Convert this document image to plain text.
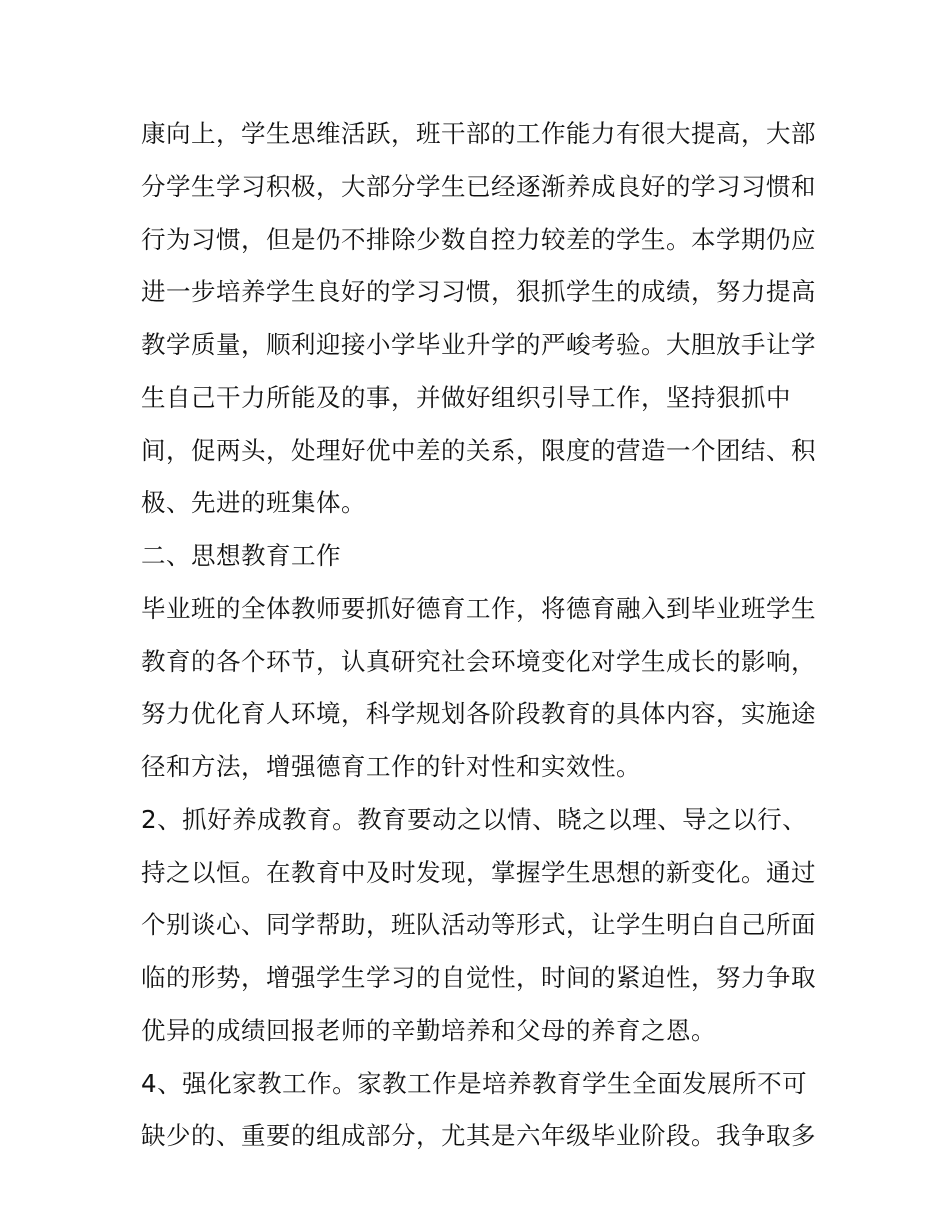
康向上，学生思维活跃，班干部的工作能力有很大提高，大部
分学生学习积极，大部分学生已经逐渐养成良好的学习习惯和
行为习惯，但是仍不排除少数自控力较差的学生。本学期仍应
进一步培养学生良好的学习习惯，狠抓学生的成绩，努力提高
教学质量，顺利迎接小学毕业升学的严峻考验。大胆放手让学
生自己干力所能及的事，并做好组织引导工作，坚持狠抓中
间，促两头，处理好优中差的关系，限度的营造一个团结、积
极、先进的班集体。
二、思想教育工作
毕业班的全体教师要抓好德育工作，将德育融入到毕业班学生
教育的各个环节，认真研究社会环境变化对学生成长的影响，
努力优化育人环境，科学规划各阶段教育的具体内容，实施途
径和方法，增强德育工作的针对性和实效性。
2、抓好养成教育。教育要动之以情、晓之以理、导之以行、
持之以恒。在教育中及时发现，掌握学生思想的新变化。通过
个别谈心、同学帮助，班队活动等形式，让学生明白自己所面
临的形势，增强学生学习的自觉性，时间的紧迫性，努力争取
优异的成绩回报老师的辛勤培养和父母的养育之恩。
4、强化家教工作。家教工作是培养教育学生全面发展所不可
缺少的、重要的组成部分，尤其是六年级毕业阶段。我争取多
